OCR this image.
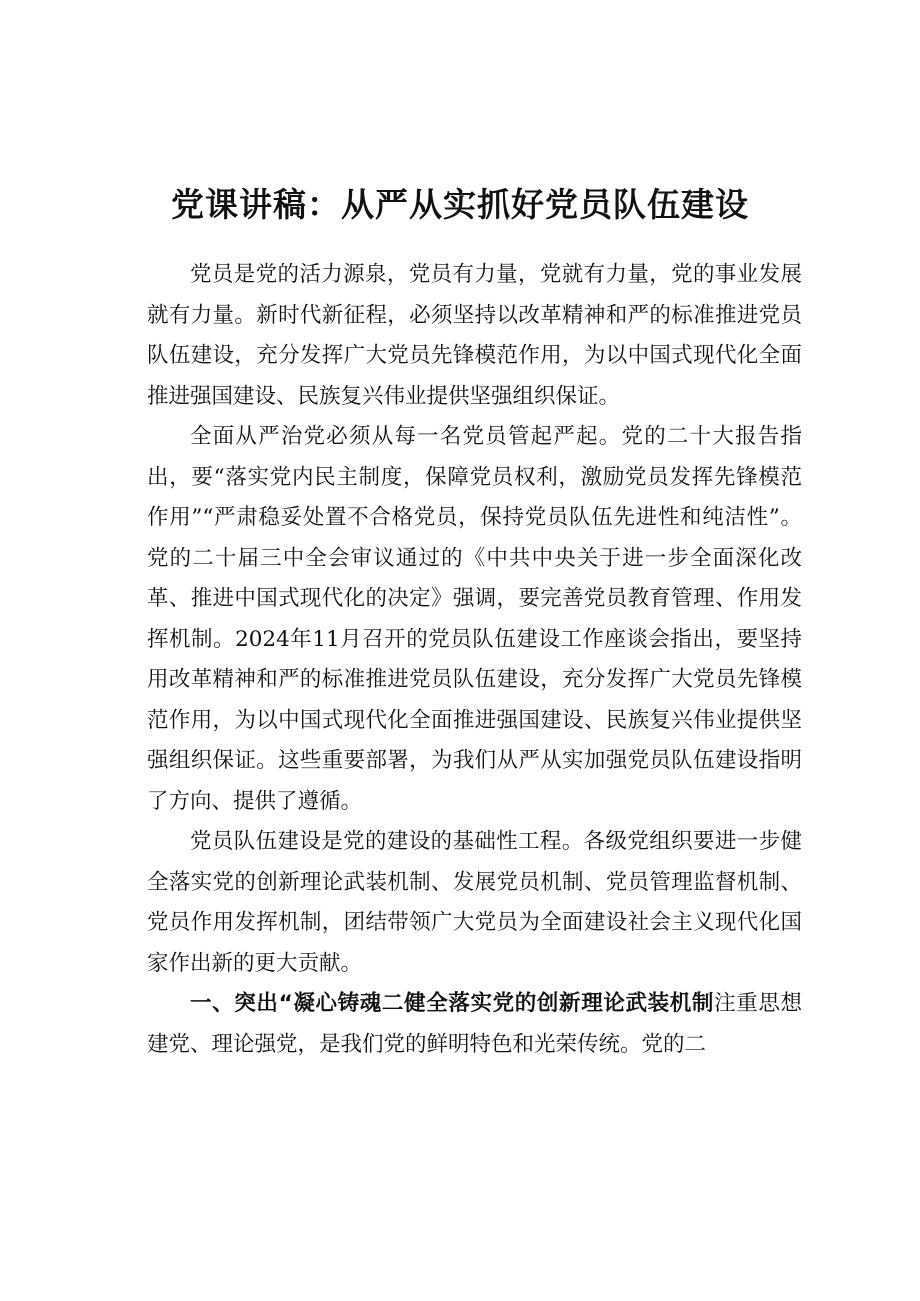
党课讲稿：从严从实抓好党员队伍建设

党员是党的活力源泉，党员有力量，党就有力量，党的事业发展就有力量。新时代新征程，必须坚持以改革精神和严的标准推进党员队伍建设，充分发挥广大党员先锋模范作用，为以中国式现代化全面推进强国建设、民族复兴伟业提供坚强组织保证。

全面从严治党必须从每一名党员管起严起。党的二十大报告指出，要“落实党内民主制度，保障党员权利，激励党员发挥先锋模范作用”“严肃稳妥处置不合格党员，保持党员队伍先进性和纯洁性”。党的二十届三中全会审议通过的《中共中央关于进一步全面深化改革、推进中国式现代化的决定》强调，要完善党员教育管理、作用发挥机制。2024年11月召开的党员队伍建设工作座谈会指出，要坚持用改革精神和严的标准推进党员队伍建设，充分发挥广大党员先锋模范作用，为以中国式现代化全面推进强国建设、民族复兴伟业提供坚强组织保证。这些重要部署，为我们从严从实加强党员队伍建设指明了方向、提供了遵循。

党员队伍建设是党的建设的基础性工程。各级党组织要进一步健全落实党的创新理论武装机制、发展党员机制、党员管理监督机制、党员作用发挥机制，团结带领广大党员为全面建设社会主义现代化国家作出新的更大贡献。

一、突出“凝心铸魂二健全落实党的创新理论武装机制注重思想建党、理论强党，是我们党的鲜明特色和光荣传统。党的二
